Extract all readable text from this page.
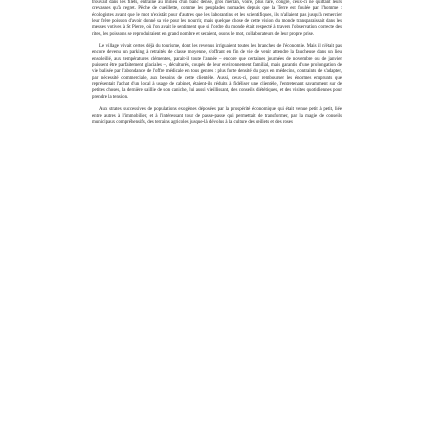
trouvait dans les filets, entraîné au milieu d'un banc dense, gros merlan, voire, plus rare, congre, ceux-ci ne quittant leurs crevasses qu'à regret. Pêche de cueillette, comme les peuplades nomades depuis que la Terre est foulée par l'homme : écologistes avant que le mot n'existât pour d'autres que les laborantins et les scientifiques, ils n'allaient pas jusqu'à remercier leur frère poisson d'avoir donné sa vie pour les nourrir, mais quelque chose de cette vision du monde transparaissait dans les messes votives à St Pierre, où l'on avait le sentiment que si l'ordre du monde était respecté à travers l'observation correcte des rites, les poissons se reproduiraient en grand nombre et seraient, osons le mot, collaborateurs de leur propre prise.

Le village vivait certes déjà du tourisme, dont les revenus irriguaient toutes les branches de l'économie. Mais il n'était pas encore devenu un parking à retraités de classe moyenne, s'offrant en fin de vie de venir attendre la faucheuse dans un lieu ensoleillé, aux températures clémentes, parait-il toute l'année – encore que certaines journées de novembre ou de janvier puissent être parfaitement glaciales –, déculturés, coupés de leur environnement familial, mais garantis d'une prolongation de vie balisée par l'abondance de l'offre médicale en tous genres : plus forte densité du pays en médecins, contraints de s'adapter, par nécessité commerciale, aux besoins de cette clientèle. Aussi, ceux-ci, pour rembourser les énormes emprunts que représentait l'achat d'un local à usage de cabinet, étaient-ils réduits à fidéliser une clientèle, l'entretenant savamment sur de petites choses, la dernière saillie de son caniche, lui aussi vieillissant, des conseils diététiques, et des visites quotidiennes pour prendre la tension.

Aux strates successives de populations exogènes déposées par la prospérité économique qui était venue petit à petit, liée entre autres à l'immobilier, et à l'intéressant tour de passe-passe qui permettait de transformer, par la magie de conseils municipaux compréhensifs, des terrains agricoles jusque-là dévolus à la culture des œillets et des roses
